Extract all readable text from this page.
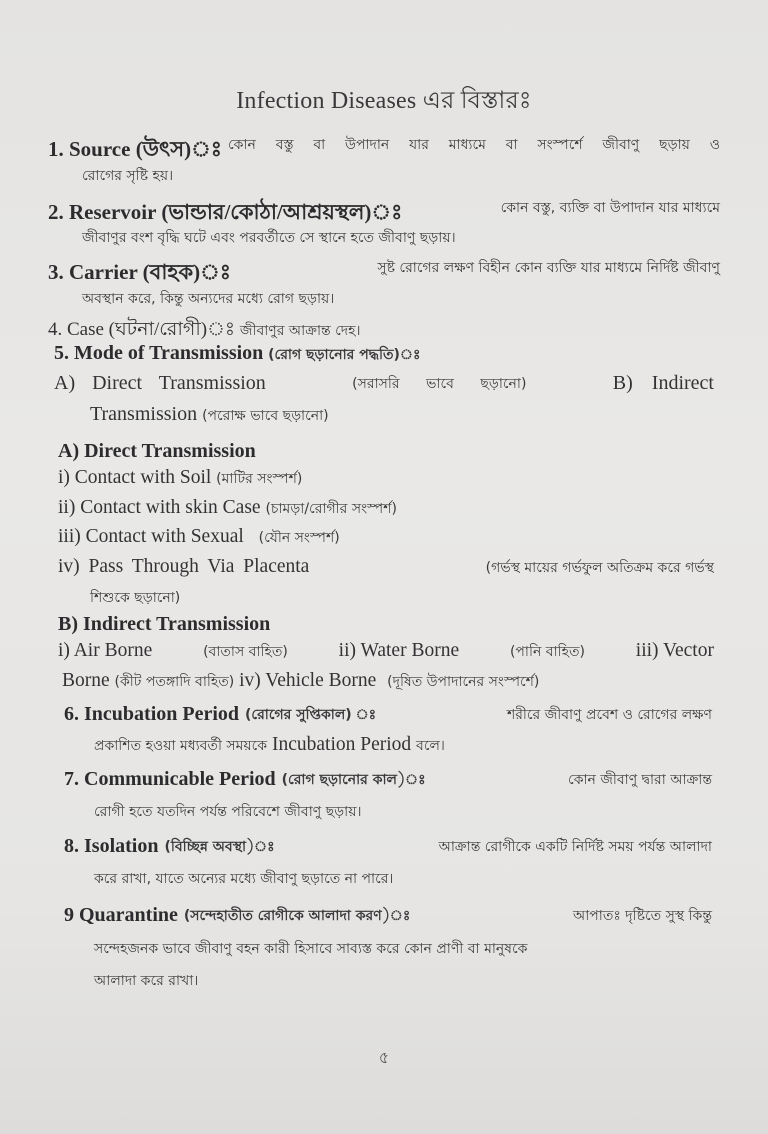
Infection Diseases এর বিস্তারঃ
1. Source (উৎস)ঃ কোন বস্তু বা উপাদান যার মাধ্যমে বা সংস্পর্শে জীবাণু ছড়ায় ও
রোগের সৃষ্টি হয়।
2. Reservoir (ভান্ডার/কোঠা/আশ্রয়স্থল)ঃ	কোন বস্তু, ব্যক্তি বা উপাদান যার মাধ্যমে
জীবাণুর বংশ বৃদ্ধি ঘটে এবং পরবর্তীতে সে স্থানে হতে জীবাণু ছড়ায়।
3. Carrier (বাহক)ঃ	সুষ্ট রোগের লক্ষণ বিহীন কোন ব্যক্তি যার মাধ্যমে নির্দিষ্ট জীবাণু
অবস্থান করে, কিন্তু অন্যদের মধ্যে রোগ ছড়ায়।
4. Case (ঘটনা/রোগী)ঃ জীবাণুর আক্রান্ত দেহ।
5. Mode of Transmission (রোগ ছড়ানোর পদ্ধতি)ঃ
A) Direct Transmission	(সরাসরি ভাবে ছড়ানো)	B) Indirect
Transmission (পরোক্ষ ভাবে ছড়ানো)
A) Direct Transmission
i) Contact with Soil (মাটির সংস্পর্শ)
ii) Contact with skin Case (চামড়া/রোগীর সংস্পর্শ)
iii) Contact with Sexual (যৌন সংস্পর্শ)
iv) Pass Through Via Placenta	(গর্ভস্থ মায়ের গর্ভফুল অতিক্রম করে গর্ভস্থ
শিশুকে ছড়ানো)
B) Indirect Transmission
i) Air Borne	(বাতাস বাহিত)	ii) Water Borne	(পানি বাহিত)	iii) Vector
Borne (কীট পতঙ্গাদি বাহিত) iv) Vehicle Borne (দূষিত উপাদানের সংস্পর্শে)
6. Incubation Period (রোগের সুপ্তিকাল) ঃ	শরীরে জীবাণু প্রবেশ ও রোগের লক্ষণ
প্রকাশিত হওয়া মধ্যবর্তী সময়কে Incubation Period বলে।
7. Communicable Period (রোগ ছড়ানোর কাল)ঃ	কোন জীবাণু দ্বারা আক্রান্ত
রোগী হতে যতদিন পর্যন্ত পরিবেশে জীবাণু ছড়ায়।
8. Isolation (বিচ্ছিন্ন অবস্থা)ঃ	আক্রান্ত রোগীকে একটি নির্দিষ্ট সময় পর্যন্ত আলাদা
করে রাখা, যাতে অন্যের মধ্যে জীবাণু ছড়াতে না পারে।
9 Quarantine (সন্দেহাতীত রোগীকে আলাদা করণ)ঃ	আপাতঃ দৃষ্টিতে সুস্থ কিন্তু
সন্দেহজনক ভাবে জীবাণু বহন কারী হিসাবে সাব্যস্ত করে কোন প্রাণী বা মানুষকে
আলাদা করে রাখা।
৫
